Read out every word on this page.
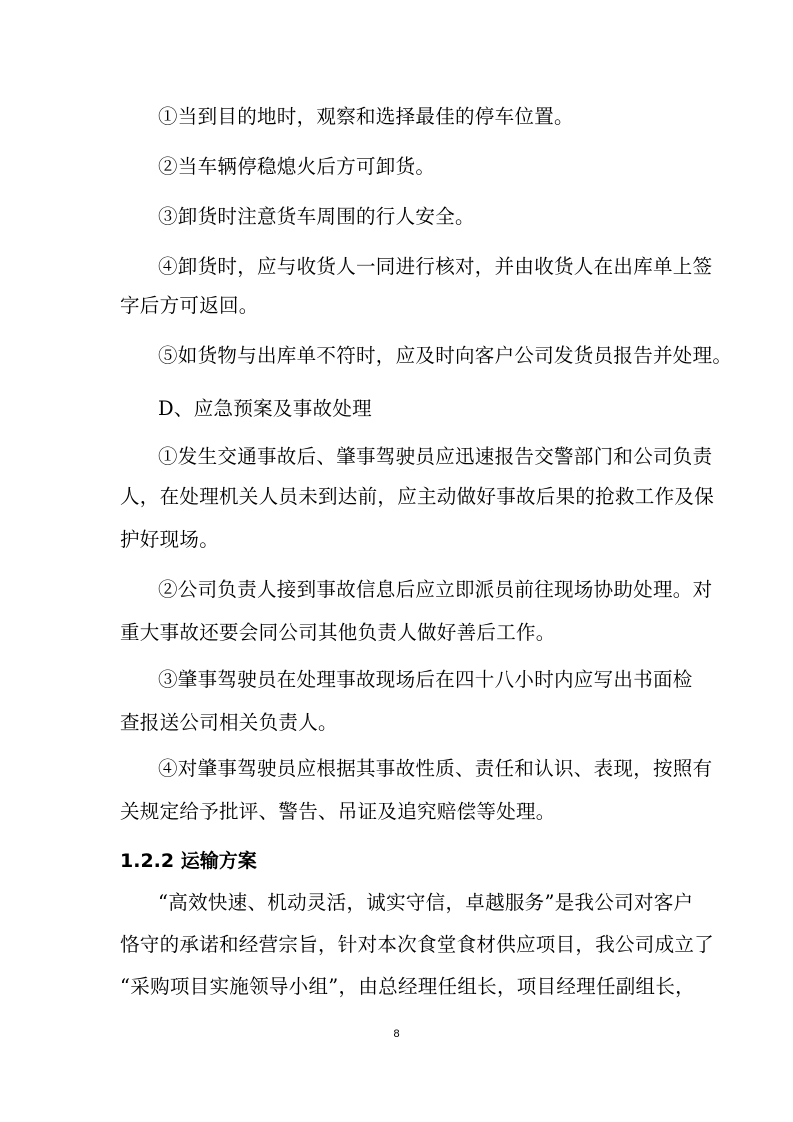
①当到目的地时，观察和选择最佳的停车位置。
②当车辆停稳熄火后方可卸货。
③卸货时注意货车周围的行人安全。
④卸货时，应与收货人一同进行核对，并由收货人在出库单上签
字后方可返回。
⑤如货物与出库单不符时，应及时向客户公司发货员报告并处理。
D、应急预案及事故处理
①发生交通事故后、肇事驾驶员应迅速报告交警部门和公司负责
人，在处理机关人员未到达前，应主动做好事故后果的抢救工作及保
护好现场。
②公司负责人接到事故信息后应立即派员前往现场协助处理。对
重大事故还要会同公司其他负责人做好善后工作。
③肇事驾驶员在处理事故现场后在四十八小时内应写出书面检
查报送公司相关负责人。
④对肇事驾驶员应根据其事故性质、责任和认识、表现，按照有
关规定给予批评、警告、吊证及追究赔偿等处理。
1.2.2 运输方案
“高效快速、机动灵活，诚实守信，卓越服务”是我公司对客户
恪守的承诺和经营宗旨，针对本次食堂食材供应项目，我公司成立了
“采购项目实施领导小组”，由总经理任组长，项目经理任副组长，
8
